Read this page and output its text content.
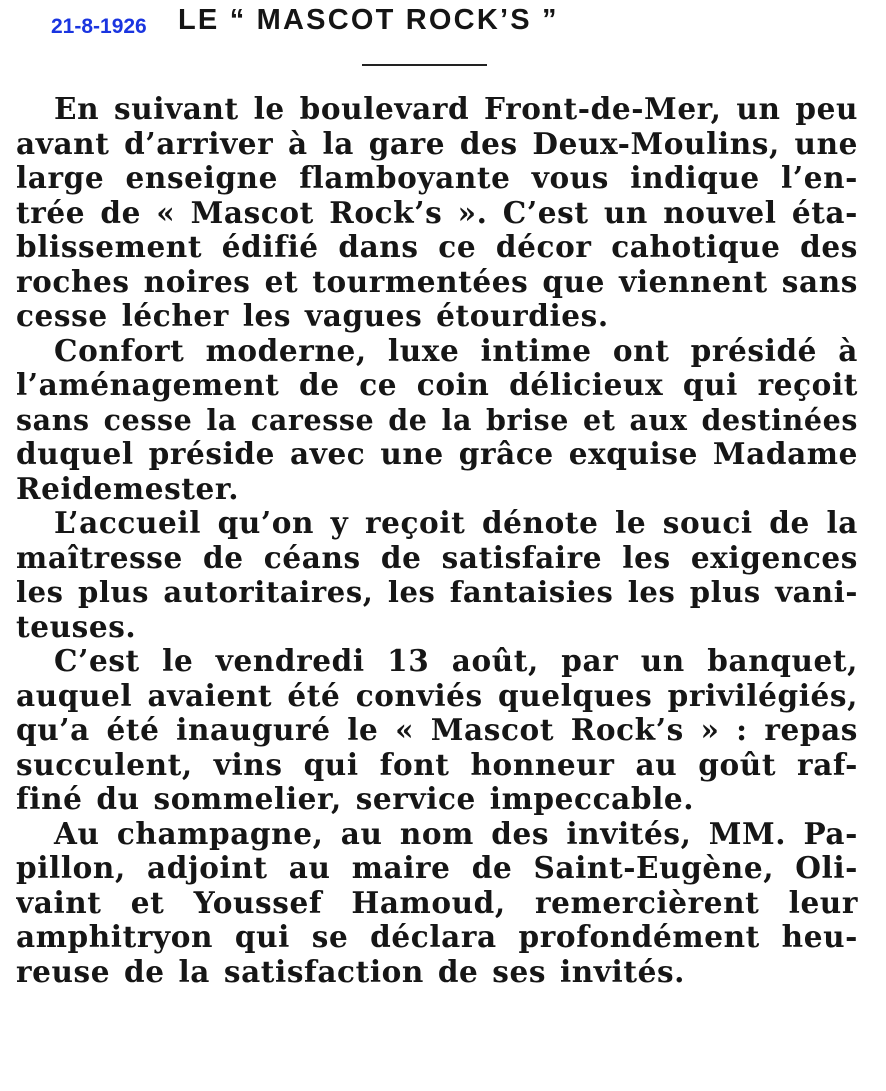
21-8-1926 LE “ MASCOT ROCK’S ”
En suivant le boulevard Front-de-Mer, un peu
avant d’arriver à la gare des Deux-Moulins, une
large enseigne flamboyante vous indique l’en-
trée de « Mascot Rock’s ». C’est un nouvel éta-
blissement édifié dans ce décor cahotique des
roches noires et tourmentées que viennent sans
cesse lécher les vagues étourdies.
Confort moderne, luxe intime ont présidé à
l’aménagement de ce coin délicieux qui reçoit
sans cesse la caresse de la brise et aux destinées
duquel préside avec une grâce exquise Madame
Reidemester.
L’accueil qu’on y reçoit dénote le souci de la
maîtresse de céans de satisfaire les exigences
les plus autoritaires, les fantaisies les plus vani-
teuses.
C’est le vendredi 13 août, par un banquet,
auquel avaient été conviés quelques privilégiés,
qu’a été inauguré le « Mascot Rock’s » : repas
succulent, vins qui font honneur au goût raf-
finé du sommelier, service impeccable.
Au champagne, au nom des invités, MM. Pa-
pillon, adjoint au maire de Saint-Eugène, Oli-
vaint et Youssef Hamoud, remercièrent leur
amphitryon qui se déclara profondément heu-
reuse de la satisfaction de ses invités.
